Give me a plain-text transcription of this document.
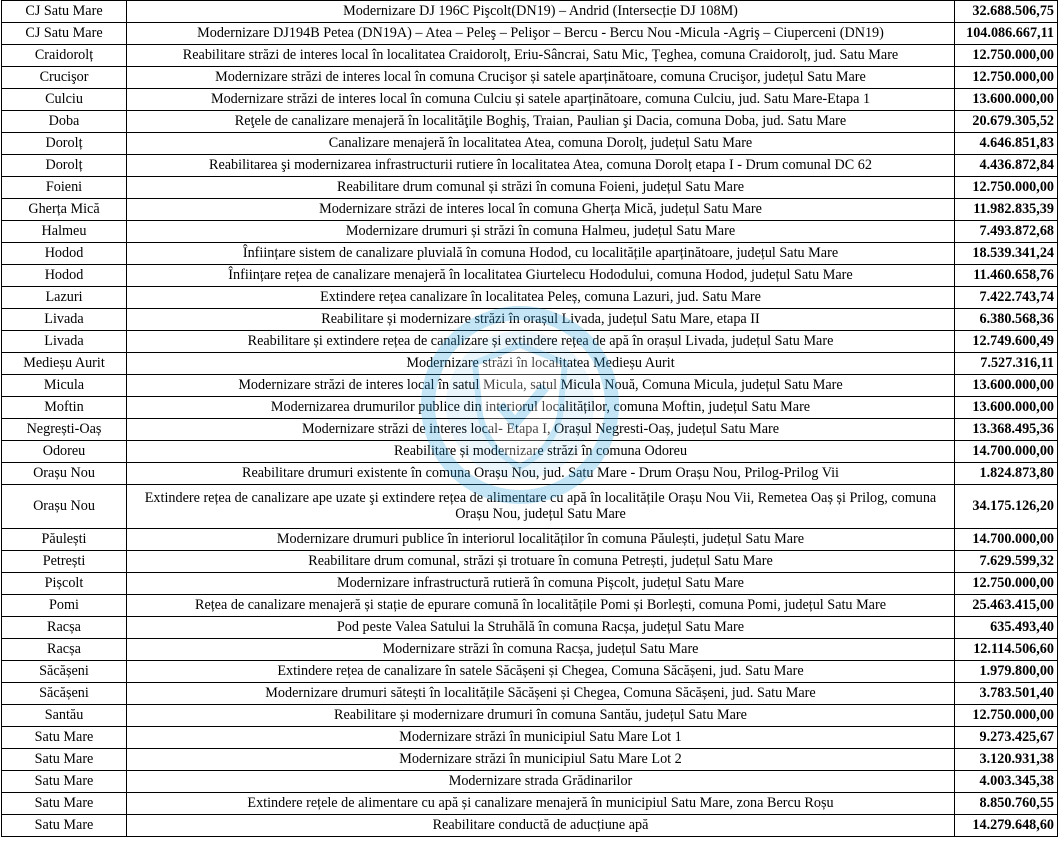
CJ Satu Mare	Modernizare DJ 196C Pişcolt(DN19) – Andrid (Intersecție DJ 108M)	32.688.506,75
CJ Satu Mare	Modernizare DJ194B Petea (DN19A) – Atea – Peleş – Pelişor – Bercu - Bercu Nou -Micula -Agriş – Ciuperceni (DN19)	104.086.667,11
Craidorolț	Reabilitare străzi de interes local în localitatea Craidorolț, Eriu-Sâncrai, Satu Mic, Țeghea, comuna Craidorolț, jud. Satu Mare	12.750.000,00
Crucişor	Modernizare străzi de interes local în comuna Crucişor și satele aparținătoare, comuna Crucişor, județul Satu Mare	12.750.000,00
Culciu	Modernizare străzi de interes local în comuna Culciu și satele aparținătoare, comuna Culciu, jud. Satu Mare-Etapa 1	13.600.000,00
Doba	Reţele de canalizare menajeră în localităţile Boghiş, Traian, Paulian şi Dacia, comuna Doba, jud. Satu Mare	20.679.305,52
Dorolț	Canalizare menajeră în localitatea Atea, comuna Dorolț, județul Satu Mare	4.646.851,83
Dorolț	Reabilitarea şi modernizarea infrastructurii rutiere în localitatea Atea, comuna Dorolț etapa I - Drum comunal DC 62	4.436.872,84
Foieni	Reabilitare drum comunal și străzi în comuna Foieni, județul Satu Mare	12.750.000,00
Gherța Mică	Modernizare străzi de interes local în comuna Gherța Mică, județul Satu Mare	11.982.835,39
Halmeu	Modernizare drumuri și străzi în comuna Halmeu, județul Satu Mare	7.493.872,68
Hodod	Înființare sistem de canalizare pluvială în comuna Hodod, cu localitățile aparținătoare, județul Satu Mare	18.539.341,24
Hodod	Înființare rețea de canalizare menajeră în localitatea Giurtelecu Hododului, comuna Hodod, județul Satu Mare	11.460.658,76
Lazuri	Extindere rețea canalizare în localitatea Peleș, comuna Lazuri, jud. Satu Mare	7.422.743,74
Livada	Reabilitare și modernizare străzi în orașul Livada, județul Satu Mare, etapa II	6.380.568,36
Livada	Reabilitare și extindere rețea de canalizare și extindere rețea de apă în orașul Livada, județul Satu Mare	12.749.600,49
Medieșu Aurit	Modernizare străzi în localitatea Medieșu Aurit	7.527.316,11
Micula	Modernizare străzi de interes local în satul Micula, satul Micula Nouă, Comuna Micula, județul Satu Mare	13.600.000,00
Moftin	Modernizarea drumurilor publice din interiorul localităților, comuna Moftin, județul Satu Mare	13.600.000,00
Negrești-Oaș	Modernizare străzi de interes local- Etapa I, Orașul Negresti-Oaș, județul Satu Mare	13.368.495,36
Odoreu	Reabilitare și modernizare străzi în comuna Odoreu	14.700.000,00
Orașu Nou	Reabilitare drumuri existente în comuna Orașu Nou, jud. Satu Mare - Drum Orașu Nou, Prilog-Prilog Vii	1.824.873,80
Orașu Nou	Extindere rețea de canalizare ape uzate şi extindere rețea de alimentare cu apă în localitățile Orașu Nou Vii, Remetea Oaș și Prilog, comuna Orașu Nou, județul Satu Mare	34.175.126,20
Păulești	Modernizare drumuri publice în interiorul localităților în comuna Păulești, județul Satu Mare	14.700.000,00
Petrești	Reabilitare drum comunal, străzi și trotuare în comuna Petrești, județul Satu Mare	7.629.599,32
Pișcolt	Modernizare infrastructură rutieră în comuna Pișcolt, județul Satu Mare	12.750.000,00
Pomi	Rețea de canalizare menajeră și stație de epurare comună în localitățile Pomi și Borlești, comuna Pomi, județul Satu Mare	25.463.415,00
Racșa	Pod peste Valea Satului la Struhălă în comuna Racșa, județul Satu Mare	635.493,40
Racșa	Modernizare străzi în comuna Racșa, județul Satu Mare	12.114.506,60
Săcășeni	Extindere rețea de canalizare în satele Săcășeni și Chegea, Comuna Săcășeni, jud. Satu Mare	1.979.800,00
Săcășeni	Modernizare drumuri sătești în localitățile Săcășeni și Chegea, Comuna Săcășeni, jud. Satu Mare	3.783.501,40
Santău	Reabilitare și modernizare drumuri în comuna Santău, județul Satu Mare	12.750.000,00
Satu Mare	Modernizare străzi în municipiul Satu Mare Lot 1	9.273.425,67
Satu Mare	Modernizare străzi în municipiul Satu Mare Lot 2	3.120.931,38
Satu Mare	Modernizare strada Grădinarilor	4.003.345,38
Satu Mare	Extindere rețele de alimentare cu apă și canalizare menajeră în municipiul Satu Mare, zona Bercu Roșu	8.850.760,55
Satu Mare	Reabilitare conductă de aducțiune apă	14.279.648,60
